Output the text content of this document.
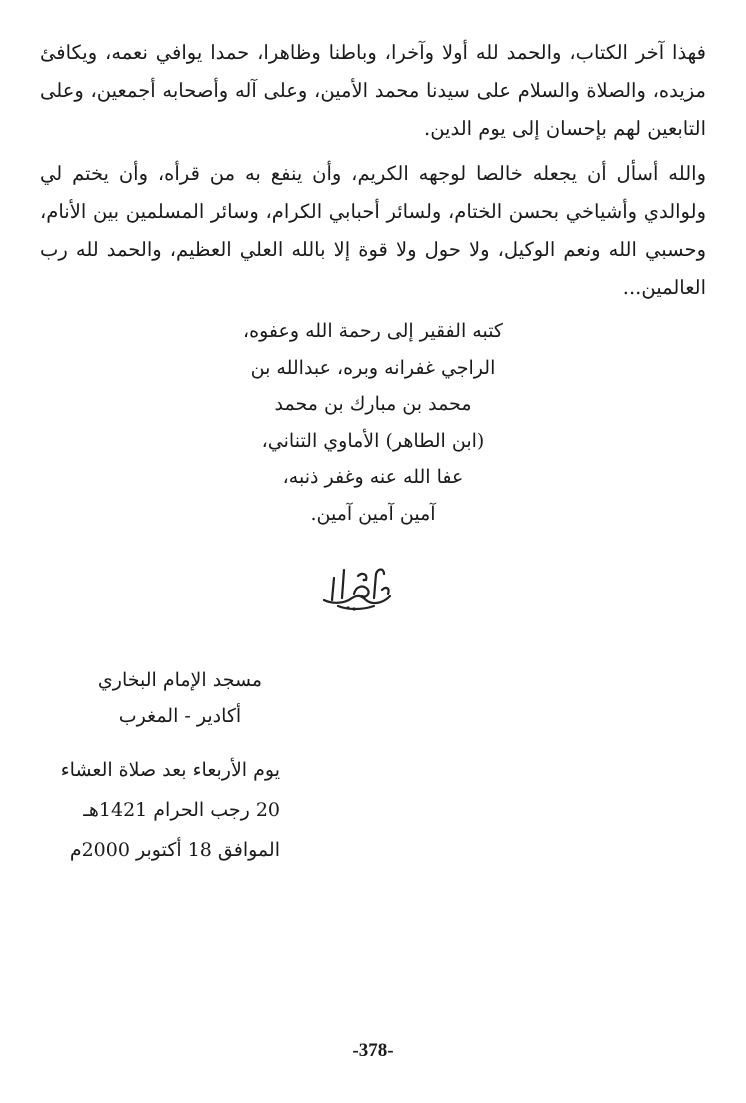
فهذا آخر الكتاب، والحمد لله أولا وآخرا، وباطنا وظاهرا، حمدا يوافي نعمه، ويكافئ مزيده، والصلاة والسلام على سيدنا محمد الأمين، وعلى آله وأصحابه أجمعين، وعلى التابعين لهم بإحسان إلى يوم الدين.

والله أسأل أن يجعله خالصا لوجهه الكريم، وأن ينفع به من قرأه، وأن يختم لي ولوالدي وأشياخي بحسن الختام، ولسائر أحبابي الكرام، وسائر المسلمين بين الأنام، وحسبي الله ونعم الوكيل، ولا حول ولا قوة إلا بالله العلي العظيم، والحمد لله رب العالمين...

كتبه الفقير إلى رحمة الله وعفوه،
الراجي غفرانه وبره، عبدالله بن
محمد بن مبارك بن محمد
(ابن الطاهر) الأماوي التناني،
عفا الله عنه وغفر ذنبه،
آمين آمين آمين.
مسجد الإمام البخاري
أكادير - المغرب
يوم الأربعاء بعد صلاة العشاء
20 رجب الحرام 1421هـ
الموافق 18 أكتوبر 2000م
-378-
